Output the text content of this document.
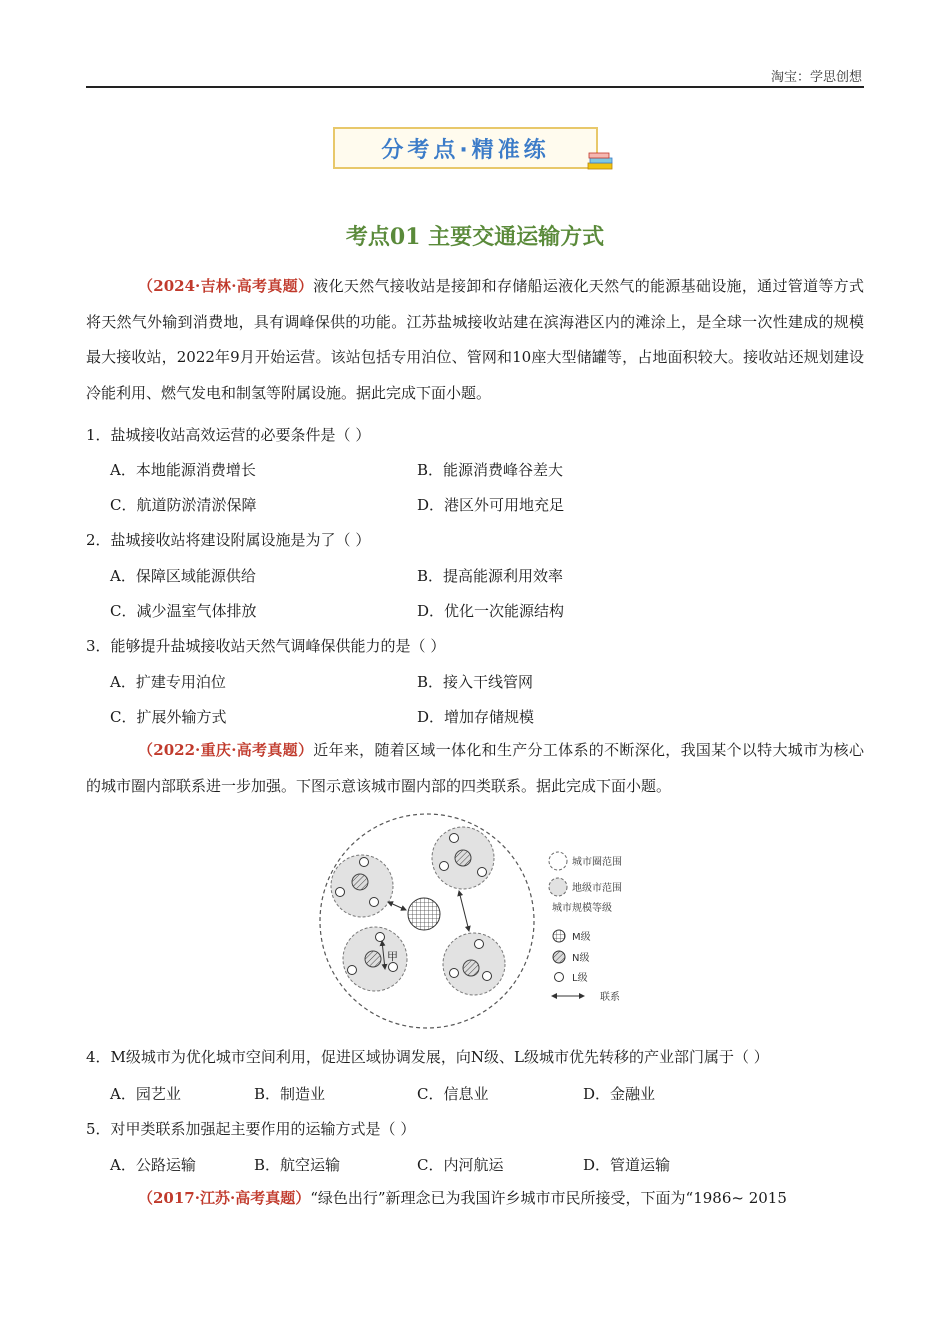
淘宝：学思创想
分考点·精准练
考点01 主要交通运输方式
（2024·吉林·高考真题）液化天然气接收站是接卸和存储船运液化天然气的能源基础设施，通过管道等方式将天然气外输到消费地，具有调峰保供的功能。江苏盐城接收站建在滨海港区内的滩涂上，是全球一次性建成的规模最大接收站，2022年9月开始运营。该站包括专用泊位、管网和10座大型储罐等，占地面积较大。接收站还规划建设冷能利用、燃气发电和制氢等附属设施。据此完成下面小题。
1．盐城接收站高效运营的必要条件是（ ）
A．本地能源消费增长	B．能源消费峰谷差大
C．航道防淤清淤保障	D．港区外可用地充足
2．盐城接收站将建设附属设施是为了（ ）
A．保障区域能源供给	B．提高能源利用效率
C．减少温室气体排放	D．优化一次能源结构
3．能够提升盐城接收站天然气调峰保供能力的是（ ）
A．扩建专用泊位	B．接入干线管网
C．扩展外输方式	D．增加存储规模
（2022·重庆·高考真题）近年来，随着区域一体化和生产分工体系的不断深化，我国某个以特大城市为核心的城市圈内部联系进一步加强。下图示意该城市圈内部的四类联系。据此完成下面小题。
甲
城市圈范围
地级市范围
城市规模等级
M级
N级
L级
联系
4．M级城市为优化城市空间利用，促进区域协调发展，向N级、L级城市优先转移的产业部门属于（ ）
A．园艺业	B．制造业	C．信息业	D．金融业
5．对甲类联系加强起主要作用的运输方式是（ ）
A．公路运输	B．航空运输	C．内河航运	D．管道运输
（2017·江苏·高考真题）“绿色出行”新理念已为我国许乡城市市民所接受，下面为“1986~ 2015
